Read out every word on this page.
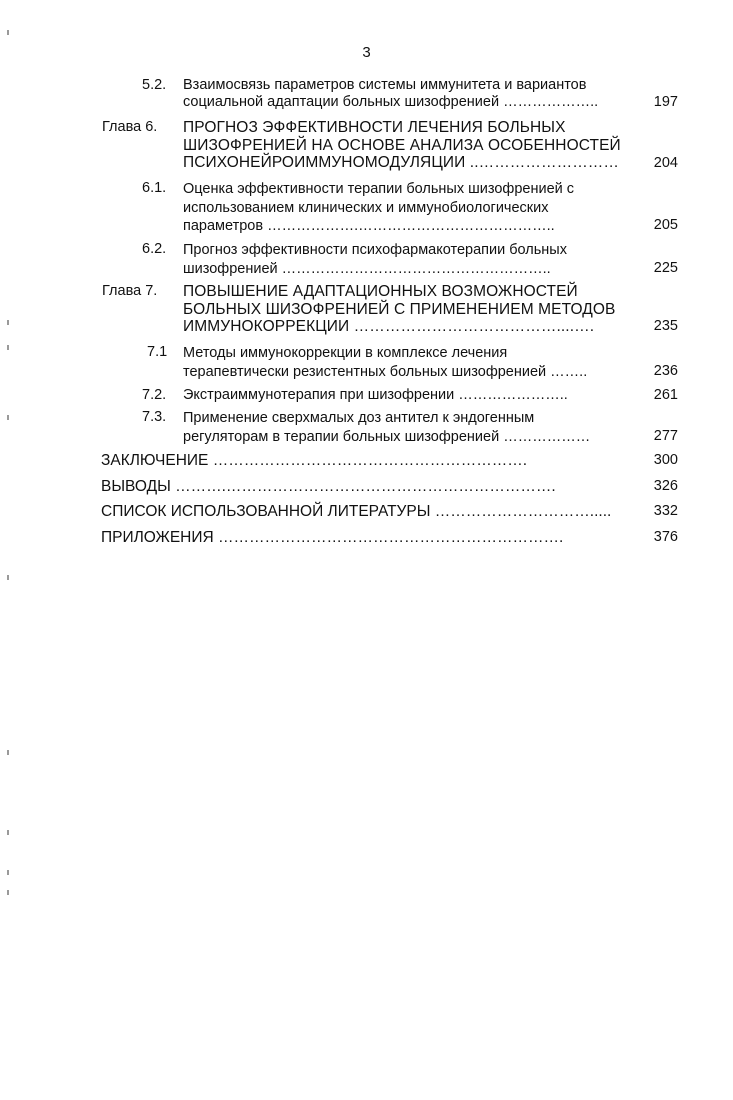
3
5.2. Взаимосвязь параметров системы иммунитета и вариантов
социальной адаптации больных шизофренией ………………..	197
Глава 6. ПРОГНОЗ ЭФФЕКТИВНОСТИ ЛЕЧЕНИЯ БОЛЬНЫХ
ШИЗОФРЕНИЕЙ НА ОСНОВЕ АНАЛИЗА ОСОБЕННОСТЕЙ
ПСИХОНЕЙРОИММУНОМОДУЛЯЦИИ ..………………………	204
6.1. Оценка эффективности терапии больных шизофренией с
использованием клинических и иммунобиологических
параметров ……………….…………………………………..	205
6.2. Прогноз эффективности психофармакотерапии больных
шизофренией ………………………………………………..	225
Глава 7. ПОВЫШЕНИЕ АДАПТАЦИОННЫХ ВОЗМОЖНОСТЕЙ
БОЛЬНЫХ ШИЗОФРЕНИЕЙ С ПРИМЕНЕНИЕМ МЕТОДОВ
ИММУНОКОРРЕКЦИИ …………………………………....….	235
7.1 Методы иммунокоррекции в комплексе лечения
терапевтически резистентных больных шизофренией ……..	236
7.2. Экстраиммунотерапия при шизофрении …………………..	261
7.3. Применение сверхмалых доз антител к эндогенным
регуляторам в терапии больных шизофренией ………………	277
ЗАКЛЮЧЕНИЕ …………………………………………………….	300
ВЫВОДЫ ……….……………………………………………………….	326
СПИСОК ИСПОЛЬЗОВАННОЙ ЛИТЕРАТУРЫ ………………………….....	332
ПРИЛОЖЕНИЯ ………………………………………………………….	376
